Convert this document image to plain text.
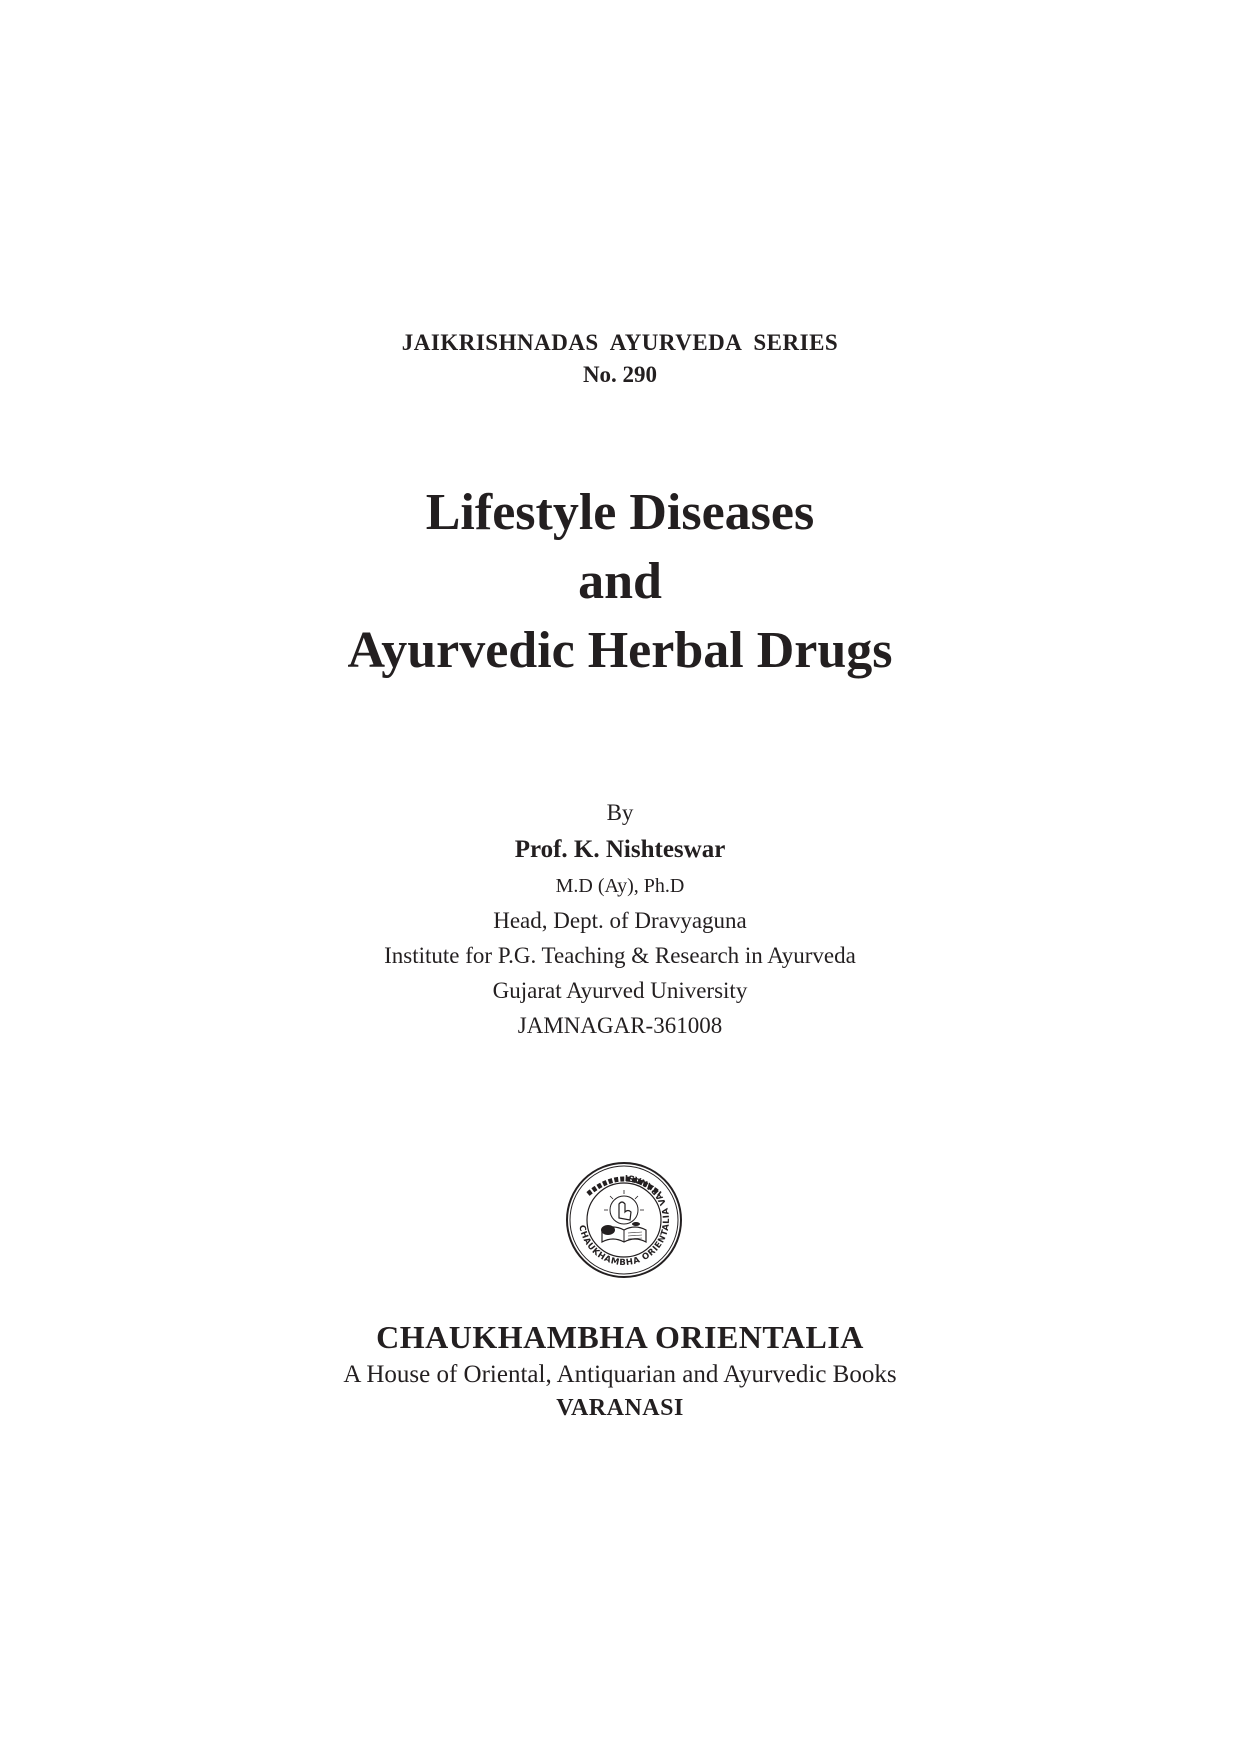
JAIKRISHNADAS AYURVEDA SERIES
No. 290
Lifestyle Diseases
and
Ayurvedic Herbal Drugs
By
Prof. K. Nishteswar
M.D (Ay), Ph.D
Head, Dept. of Dravyaguna
Institute for P.G. Teaching & Research in Ayurveda
Gujarat Ayurved University
JAMNAGAR-361008
CHAUKHAMBHA ORIENTALIA VARANASI
CHAUKHAMBHA ORIENTALIA
A House of Oriental, Antiquarian and Ayurvedic Books
VARANASI
